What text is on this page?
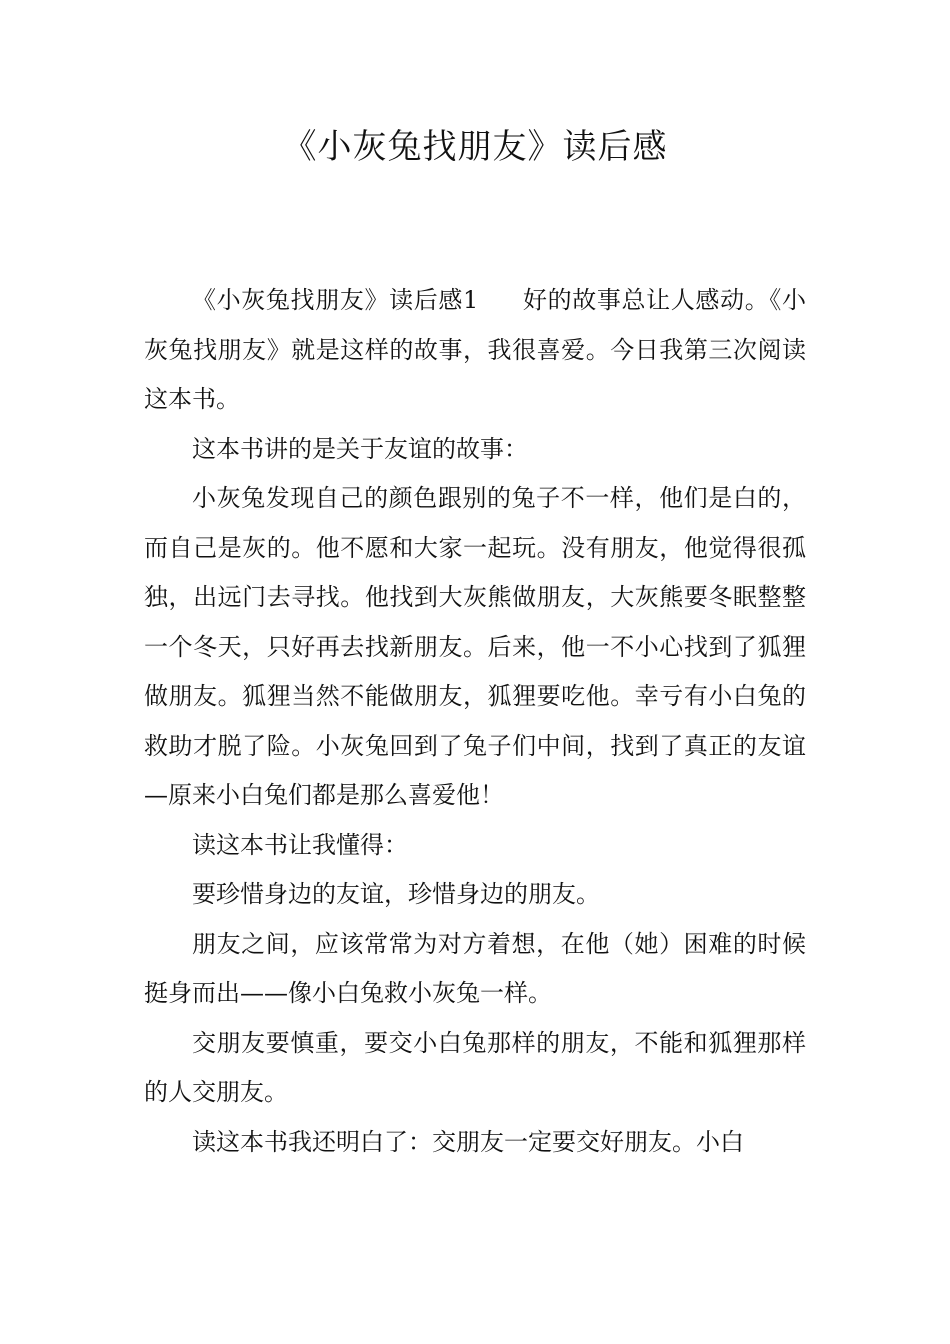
《小灰兔找朋友》读后感

《小灰兔找朋友》读后感1 好的故事总让人感动。《小灰兔找朋友》就是这样的故事，我很喜爱。今日我第三次阅读这本书。

这本书讲的是关于友谊的故事：

小灰兔发现自己的颜色跟别的兔子不一样，他们是白的，而自己是灰的。他不愿和大家一起玩。没有朋友，他觉得很孤独，出远门去寻找。他找到大灰熊做朋友，大灰熊要冬眠整整一个冬天，只好再去找新朋友。后来，他一不小心找到了狐狸做朋友。狐狸当然不能做朋友，狐狸要吃他。幸亏有小白兔的救助才脱了险。小灰兔回到了兔子们中间，找到了真正的友谊—原来小白兔们都是那么喜爱他！

读这本书让我懂得：

要珍惜身边的友谊，珍惜身边的朋友。

朋友之间，应该常常为对方着想，在他（她）困难的时候挺身而出——像小白兔救小灰兔一样。

交朋友要慎重，要交小白兔那样的朋友，不能和狐狸那样的人交朋友。

读这本书我还明白了：交朋友一定要交好朋友。小白
